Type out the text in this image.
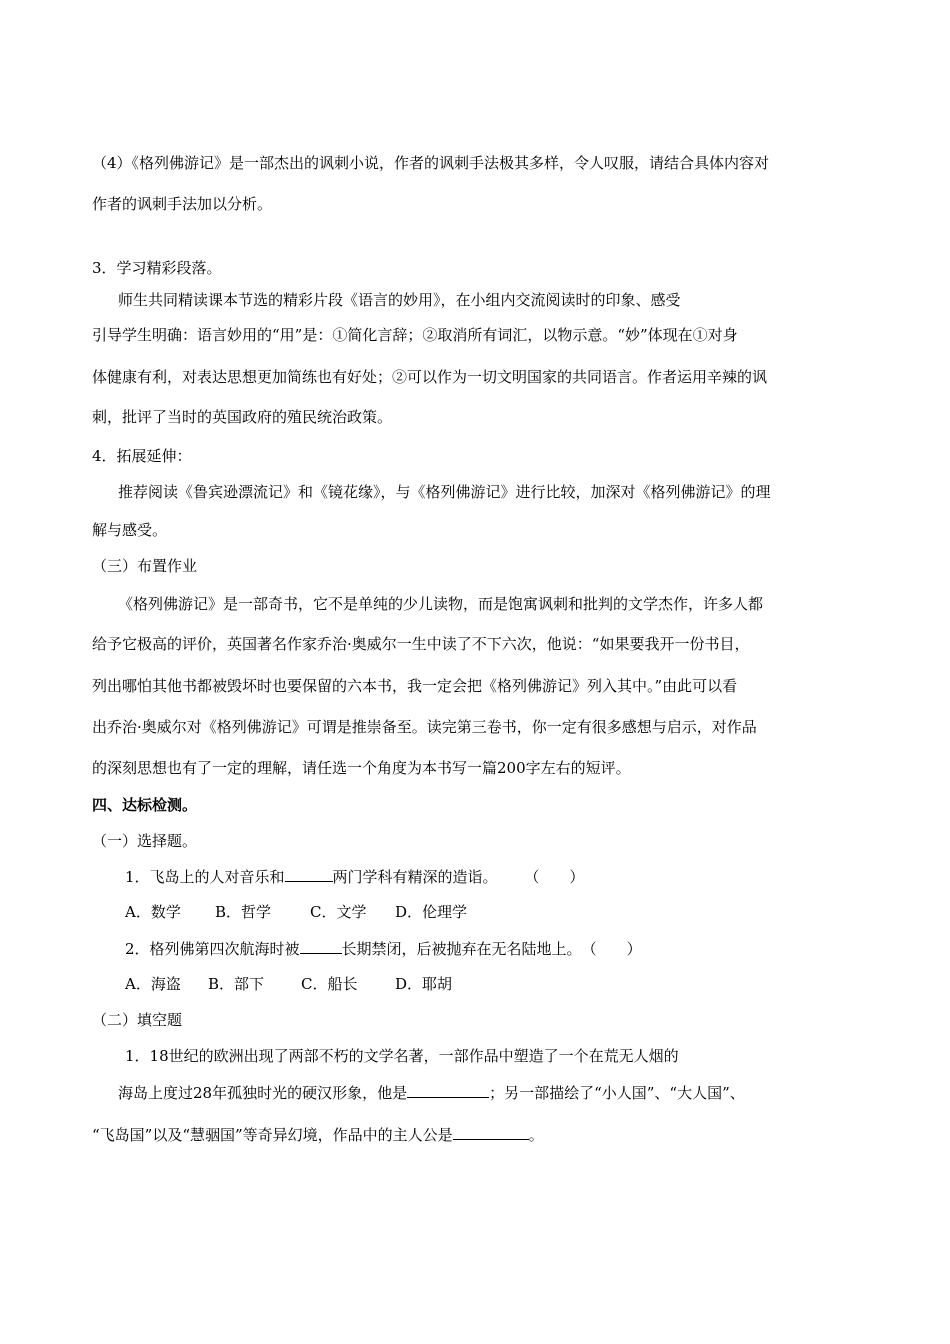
（4）《格列佛游记》是一部杰出的讽刺小说，作者的讽刺手法极其多样，令人叹服，请结合具体内容对
作者的讽刺手法加以分析。
3．学习精彩段落。
师生共同精读课本节选的精彩片段《语言的妙用》，在小组内交流阅读时的印象、感受
引导学生明确：语言妙用的“用”是：①简化言辞；②取消所有词汇，以物示意。“妙”体现在①对身
体健康有利，对表达思想更加简练也有好处；②可以作为一切文明国家的共同语言。作者运用辛辣的讽
刺，批评了当时的英国政府的殖民统治政策。
4．拓展延伸：
推荐阅读《鲁宾逊漂流记》和《镜花缘》，与《格列佛游记》进行比较，加深对《格列佛游记》的理
解与感受。
（三）布置作业
《格列佛游记》是一部奇书，它不是单纯的少儿读物，而是饱寓讽刺和批判的文学杰作，许多人都
给予它极高的评价，英国著名作家乔治·奥威尔一生中读了不下六次，他说：“如果要我开一份书目，
列出哪怕其他书都被毁坏时也要保留的六本书，我一定会把《格列佛游记》列入其中。”由此可以看
出乔治·奥威尔对《格列佛游记》可谓是推崇备至。读完第三卷书，你一定有很多感想与启示，对作品
的深刻思想也有了一定的理解，请任选一个角度为本书写一篇200字左右的短评。
四、达标检测。
（一）选择题。
1．飞岛上的人对音乐和	两门学科有精深的造诣。 （　　）
A．数学 B．哲学	C．文学 D．伦理学
2．格列佛第四次航海时被	长期禁闭，后被抛弃在无名陆地上。（　　）
A．海盗 B．部下 C．船长	D．耶胡
（二）填空题
1．18世纪的欧洲出现了两部不朽的文学名著，一部作品中塑造了一个在荒无人烟的
海岛上度过28年孤独时光的硬汉形象，他是	；另一部描绘了“小人国”、“大人国”、
“飞岛国”以及“慧骃国”等奇异幻境，作品中的主人公是	。
